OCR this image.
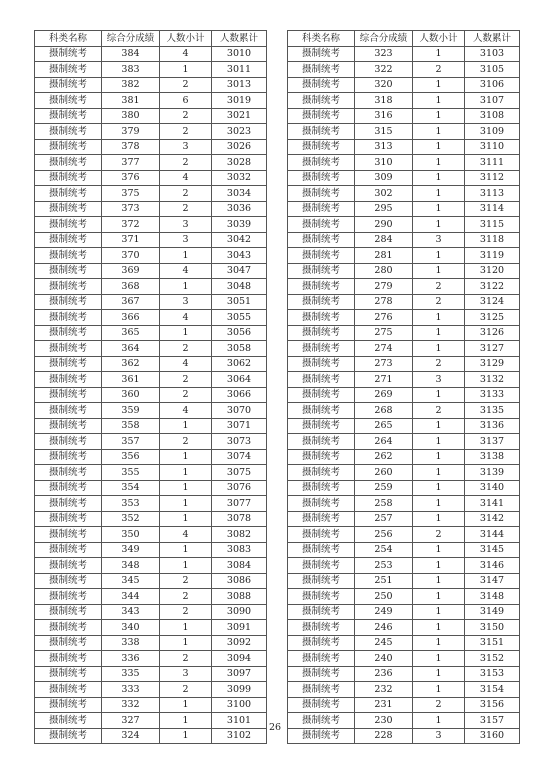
科类名称	综合分成绩	人数小计	人数累计
摄制统考	384	4	3010
摄制统考	383	1	3011
摄制统考	382	2	3013
摄制统考	381	6	3019
摄制统考	380	2	3021
摄制统考	379	2	3023
摄制统考	378	3	3026
摄制统考	377	2	3028
摄制统考	376	4	3032
摄制统考	375	2	3034
摄制统考	373	2	3036
摄制统考	372	3	3039
摄制统考	371	3	3042
摄制统考	370	1	3043
摄制统考	369	4	3047
摄制统考	368	1	3048
摄制统考	367	3	3051
摄制统考	366	4	3055
摄制统考	365	1	3056
摄制统考	364	2	3058
摄制统考	362	4	3062
摄制统考	361	2	3064
摄制统考	360	2	3066
摄制统考	359	4	3070
摄制统考	358	1	3071
摄制统考	357	2	3073
摄制统考	356	1	3074
摄制统考	355	1	3075
摄制统考	354	1	3076
摄制统考	353	1	3077
摄制统考	352	1	3078
摄制统考	350	4	3082
摄制统考	349	1	3083
摄制统考	348	1	3084
摄制统考	345	2	3086
摄制统考	344	2	3088
摄制统考	343	2	3090
摄制统考	340	1	3091
摄制统考	338	1	3092
摄制统考	336	2	3094
摄制统考	335	3	3097
摄制统考	333	2	3099
摄制统考	332	1	3100
摄制统考	327	1	3101
摄制统考	324	1	3102
科类名称	综合分成绩	人数小计	人数累计
摄制统考	323	1	3103
摄制统考	322	2	3105
摄制统考	320	1	3106
摄制统考	318	1	3107
摄制统考	316	1	3108
摄制统考	315	1	3109
摄制统考	313	1	3110
摄制统考	310	1	3111
摄制统考	309	1	3112
摄制统考	302	1	3113
摄制统考	295	1	3114
摄制统考	290	1	3115
摄制统考	284	3	3118
摄制统考	281	1	3119
摄制统考	280	1	3120
摄制统考	279	2	3122
摄制统考	278	2	3124
摄制统考	276	1	3125
摄制统考	275	1	3126
摄制统考	274	1	3127
摄制统考	273	2	3129
摄制统考	271	3	3132
摄制统考	269	1	3133
摄制统考	268	2	3135
摄制统考	265	1	3136
摄制统考	264	1	3137
摄制统考	262	1	3138
摄制统考	260	1	3139
摄制统考	259	1	3140
摄制统考	258	1	3141
摄制统考	257	1	3142
摄制统考	256	2	3144
摄制统考	254	1	3145
摄制统考	253	1	3146
摄制统考	251	1	3147
摄制统考	250	1	3148
摄制统考	249	1	3149
摄制统考	246	1	3150
摄制统考	245	1	3151
摄制统考	240	1	3152
摄制统考	236	1	3153
摄制统考	232	1	3154
摄制统考	231	2	3156
摄制统考	230	1	3157
摄制统考	228	3	3160
26
